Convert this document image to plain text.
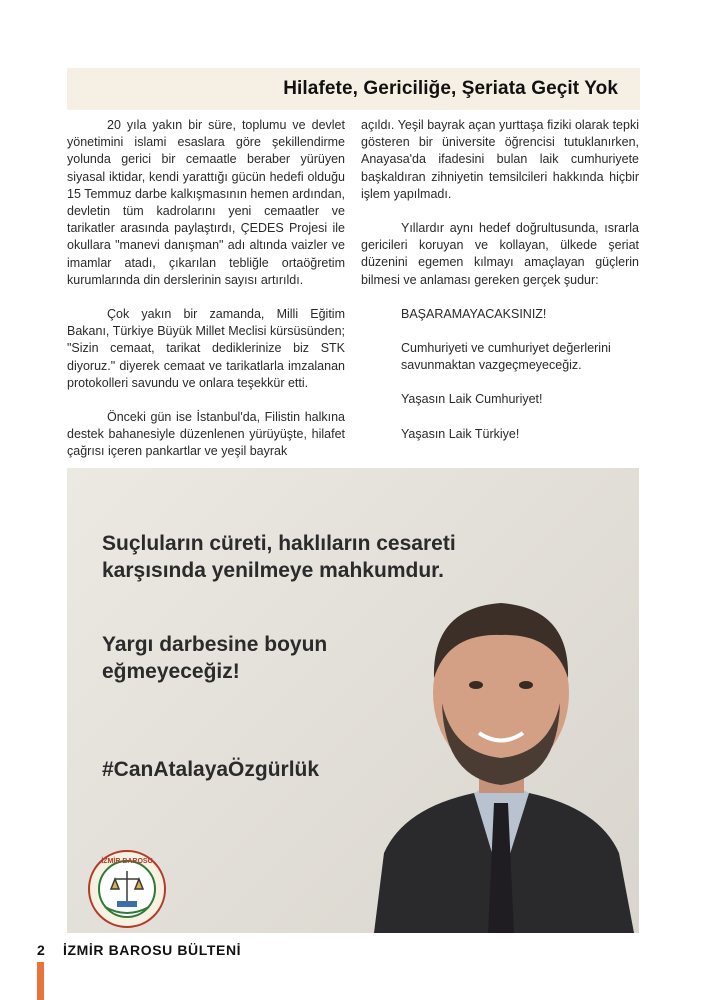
Hilafete, Gericiliğe, Şeriata Geçit Yok

20 yıla yakın bir süre, toplumu ve devlet yönetimini islami esaslara göre şekillendirme yolunda gerici bir cemaatle beraber yürüyen siyasal iktidar, kendi yarattığı gücün hedefi olduğu 15 Temmuz darbe kalkışmasının hemen ardından, devletin tüm kadrolarını yeni cemaatler ve tarikatler arasında paylaştırdı, ÇEDES Projesi ile okullara "manevi danışman" adı altında vaizler ve imamlar atadı, çıkarılan tebliğle ortaöğretim kurumlarında din derslerinin sayısı artırıldı.

Çok yakın bir zamanda, Milli Eğitim Bakanı, Türkiye Büyük Millet Meclisi kürsüsünden; "Sizin cemaat, tarikat dediklerinize biz STK diyoruz." diyerek cemaat ve tarikatlarla imzalanan protokolleri savundu ve onlara teşekkür etti.

Önceki gün ise İstanbul'da, Filistin halkına destek bahanesiyle düzenlenen yürüyüşte, hilafet çağrısı içeren pankartlar ve yeşil bayrak

açıldı. Yeşil bayrak açan yurttaşa fiziki olarak tepki gösteren bir üniversite öğrencisi tutuklanırken, Anayasa'da ifadesini bulan laik cumhuriyete başkaldıran zihniyetin temsilcileri hakkında hiçbir işlem yapılmadı.

Yıllardır aynı hedef doğrultusunda, ısrarla gericileri koruyan ve kollayan, ülkede şeriat düzenini egemen kılmayı amaçlayan güçlerin bilmesi ve anlaması gereken gerçek şudur:

BAŞARAMAYACAKSINIZ!

Cumhuriyeti ve cumhuriyet değerlerini savunmaktan vazgeçmeyeceğiz.

Yaşasın Laik Cumhuriyet!

Yaşasın Laik Türkiye!

Suçluların cüreti, haklıların cesareti karşısında yenilmeye mahkumdur.
Yargı darbesine boyun eğmeyeceğiz!
#CanAtalayaÖzgürlük
İZMİR BAROSU
2 İZMİR BAROSU BÜLTENİ
